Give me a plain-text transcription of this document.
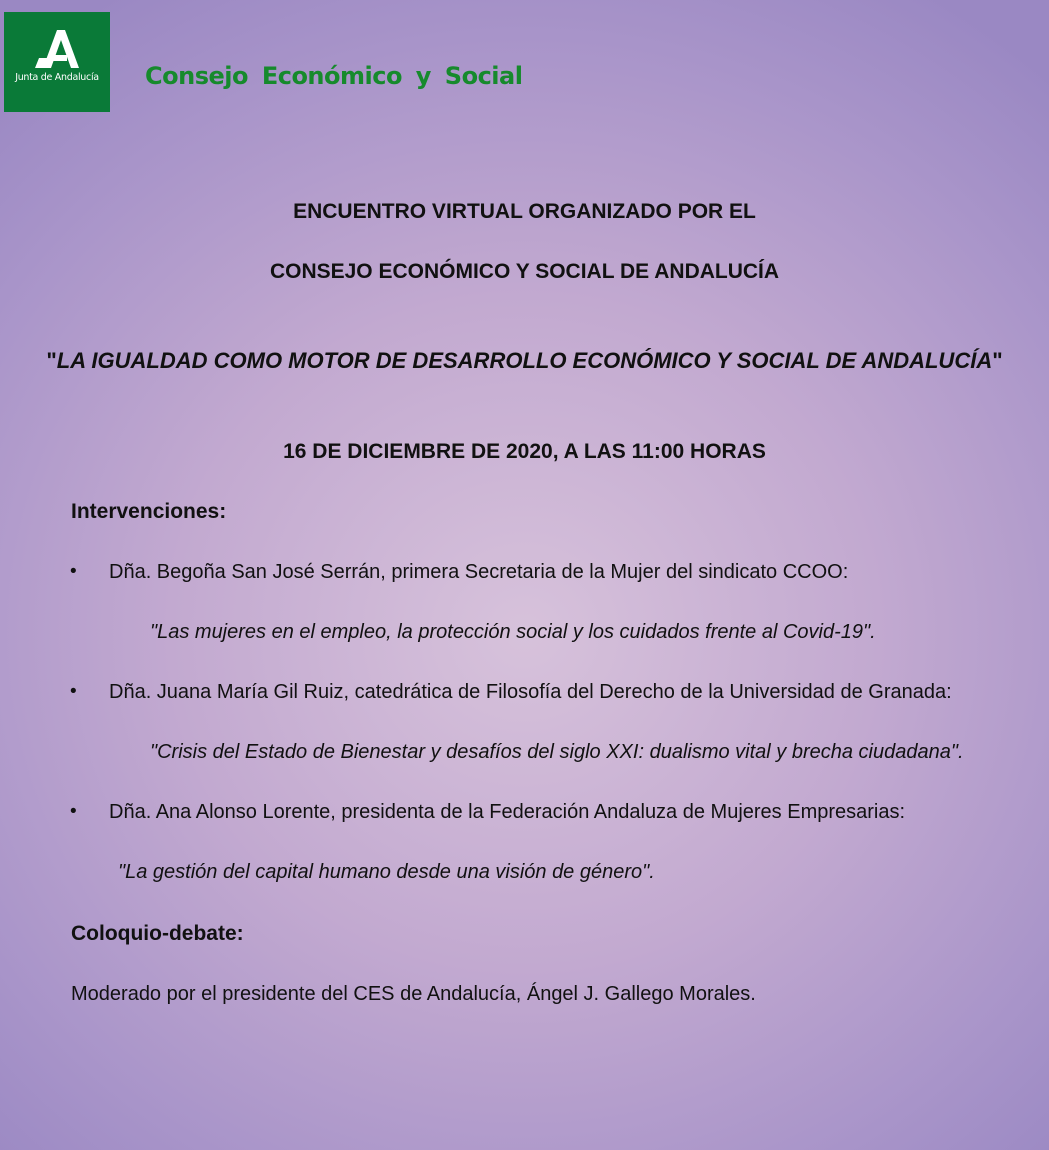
Junta de Andalucía	Consejo Económico y Social
ENCUENTRO VIRTUAL ORGANIZADO POR EL
CONSEJO ECONÓMICO Y SOCIAL DE ANDALUCÍA
"LA IGUALDAD COMO MOTOR DE DESARROLLO ECONÓMICO Y SOCIAL DE ANDALUCÍA"
16 DE DICIEMBRE DE 2020, A LAS 11:00 HORAS
Intervenciones:
•	Dña. Begoña San José Serrán, primera Secretaria de la Mujer del sindicato CCOO:
"Las mujeres en el empleo, la protección social y los cuidados frente al Covid-19".
•	Dña. Juana María Gil Ruiz, catedrática de Filosofía del Derecho de la Universidad de Granada:
"Crisis del Estado de Bienestar y desafíos del siglo XXI: dualismo vital y brecha ciudadana".
•	Dña. Ana Alonso Lorente, presidenta de la Federación Andaluza de Mujeres Empresarias:
"La gestión del capital humano desde una visión de género".
Coloquio-debate:
Moderado por el presidente del CES de Andalucía, Ángel J. Gallego Morales.
